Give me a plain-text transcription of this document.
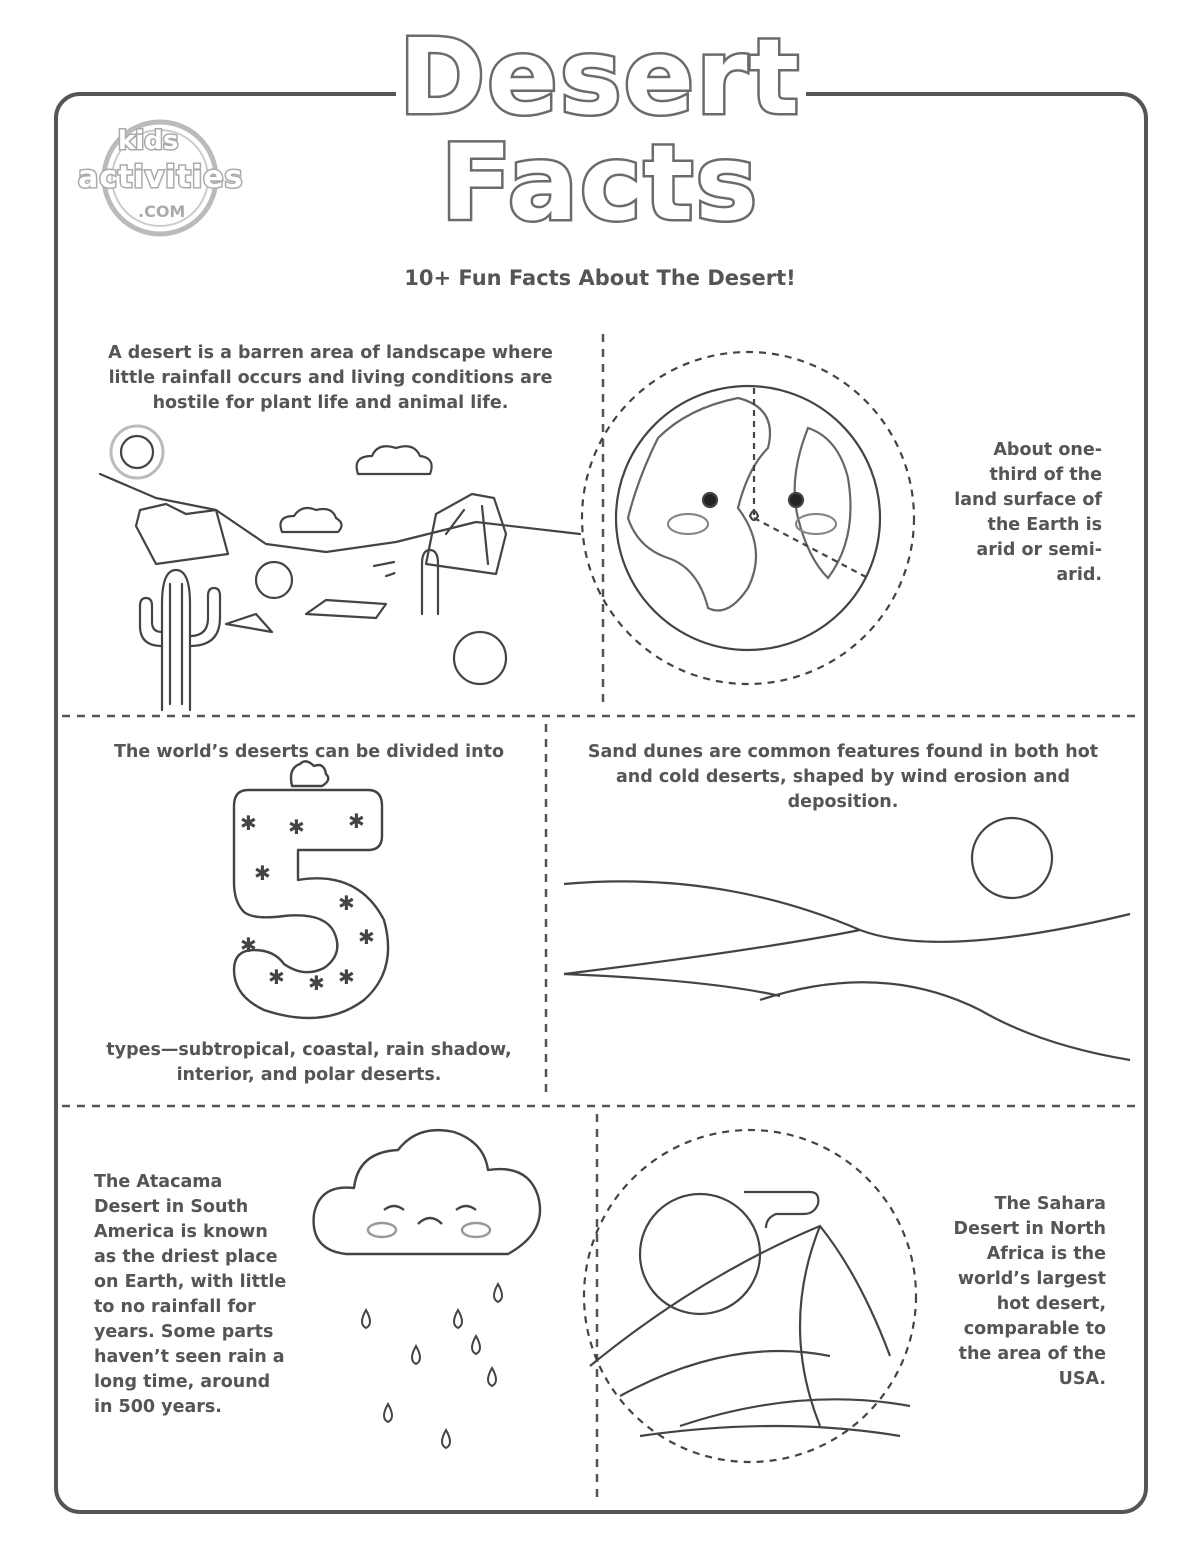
Desert
Facts
kids
activities
.COM
10+ Fun Facts About The Desert!
A desert is a barren area of landscape where little rainfall occurs and living conditions are hostile for plant life and animal life.
About one-third of the land surface of the Earth is arid or semi-arid.
The world’s deserts can be divided into
✱ ✱ ✱
✱
✱
✱
✱
✱ ✱ ✱
types—subtropical, coastal, rain shadow, interior, and polar deserts.
Sand dunes are common features found in both hot and cold deserts, shaped by wind erosion and deposition.
The Atacama Desert in South America is known as the driest place on Earth, with little to no rainfall for years. Some parts haven’t seen rain a long time, around in 500 years.
The Sahara Desert in North Africa is the world’s largest hot desert, comparable to the area of the USA.
